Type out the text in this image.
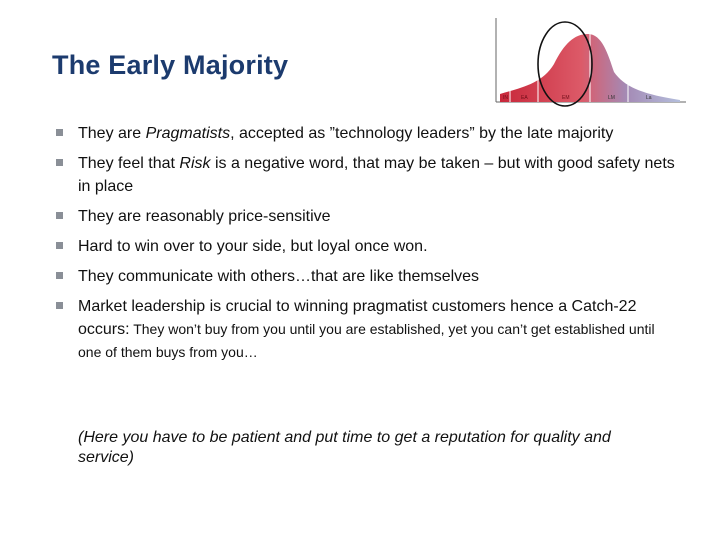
The Early Majority
IN	EA	EM	LM	La
They are Pragmatists, accepted as ”technology leaders” by the late majority
They feel that Risk is a negative word, that may be taken – but with good safety nets in place
They are reasonably price-sensitive
Hard to win over to your side, but loyal once won.
They communicate with others…that are like themselves
Market leadership is crucial to winning pragmatist customers hence a Catch-22 occurs: They won’t buy from you until you are established, yet you can’t get established until one of them buys from you…
(Here you have to be patient and put time to get a reputation for quality and service)
